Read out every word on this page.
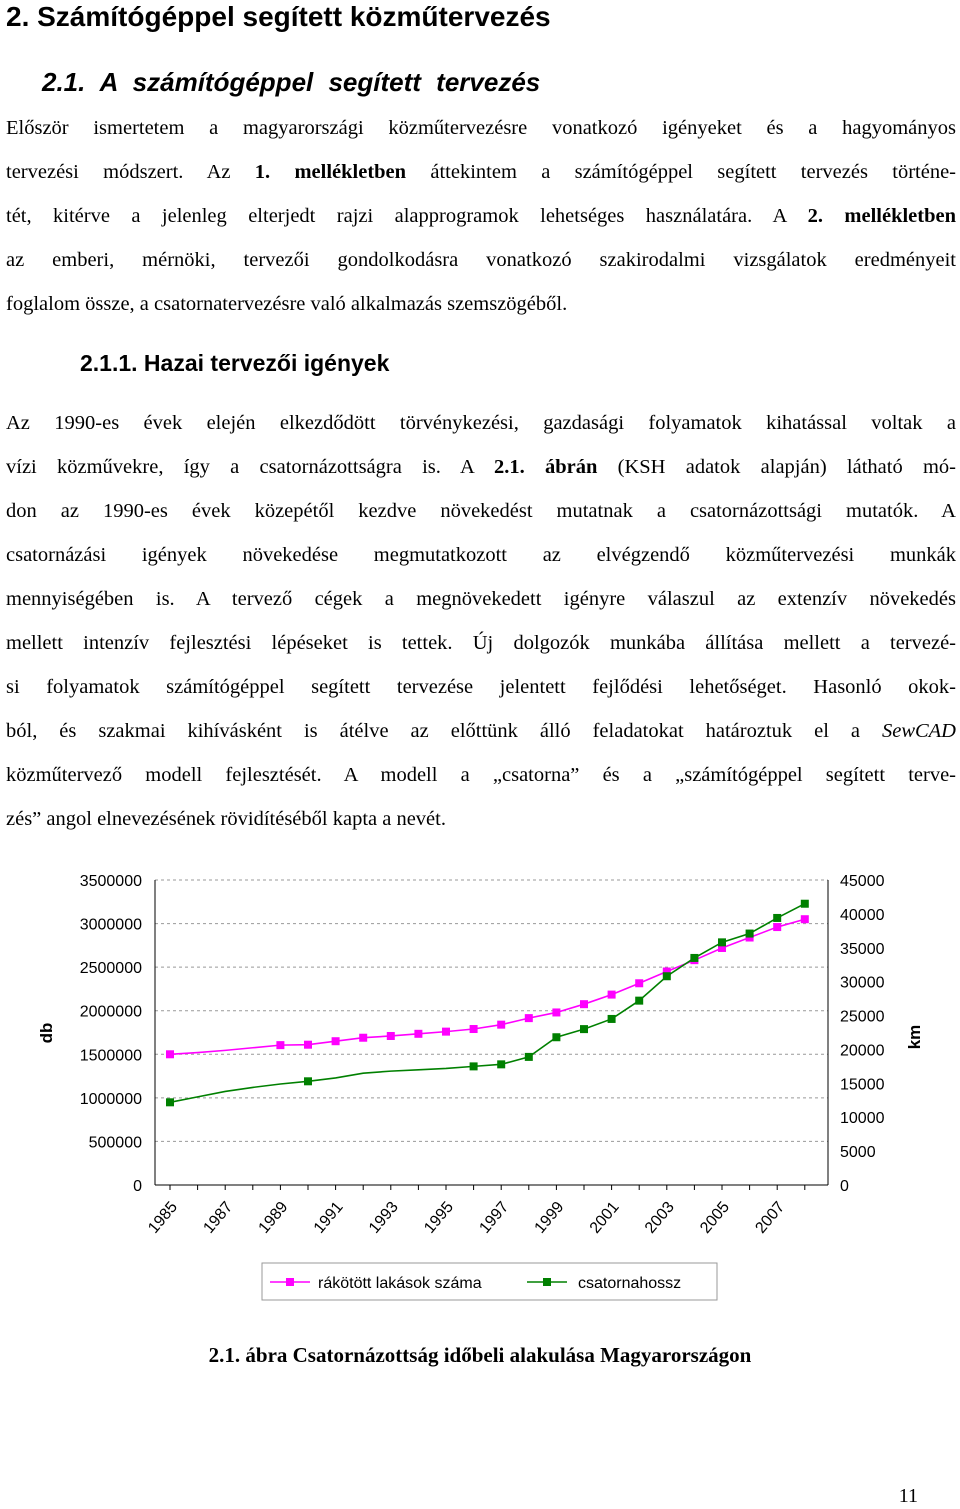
2. Számítógéppel segített közműtervezés
2.1. A számítógéppel segített tervezés
Először ismertetem a magyarországi közműtervezésre vonatkozó igényeket és a hagyományos
tervezési módszert. Az 1. mellékletben áttekintem a számítógéppel segített tervezés történe-
tét, kitérve a jelenleg elterjedt rajzi alapprogramok lehetséges használatára. A 2. mellékletben
az emberi, mérnöki, tervezői gondolkodásra vonatkozó szakirodalmi vizsgálatok eredményeit
foglalom össze, a csatornatervezésre való alkalmazás szemszögéből.
2.1.1. Hazai tervezői igények
Az 1990-es évek elején elkezdődött törvénykezési, gazdasági folyamatok kihatással voltak a
vízi közművekre, így a csatornázottságra is. A 2.1. ábrán (KSH adatok alapján) látható mó-
don az 1990-es évek közepétől kezdve növekedést mutatnak a csatornázottsági mutatók. A
csatornázási igények növekedése megmutatkozott az elvégzendő közműtervezési munkák
mennyiségében is. A tervező cégek a megnövekedett igényre válaszul az extenzív növekedés
mellett intenzív fejlesztési lépéseket is tettek. Új dolgozók munkába állítása mellett a tervezé-
si folyamatok számítógéppel segített tervezése jelentett fejlődési lehetőséget. Hasonló okok-
ból, és szakmai kihívásként is átélve az előttünk álló feladatokat határoztuk el a SewCAD
közműtervező modell fejlesztését. A modell a „csatorna” és a „számítógéppel segített terve-
zés” angol elnevezésének rövidítéséből kapta a nevét.
0
500000
1000000
1500000
2000000
2500000
3000000
3500000
0
5000
10000
15000
20000
25000
30000
35000
40000
45000
db	km
1985 1987 1989 1991 1993 1995 1997 1999 2001 2003 2005 2007
rákötött lakások száma	csatornahossz
2.1. ábra Csatornázottság időbeli alakulása Magyarországon
11
